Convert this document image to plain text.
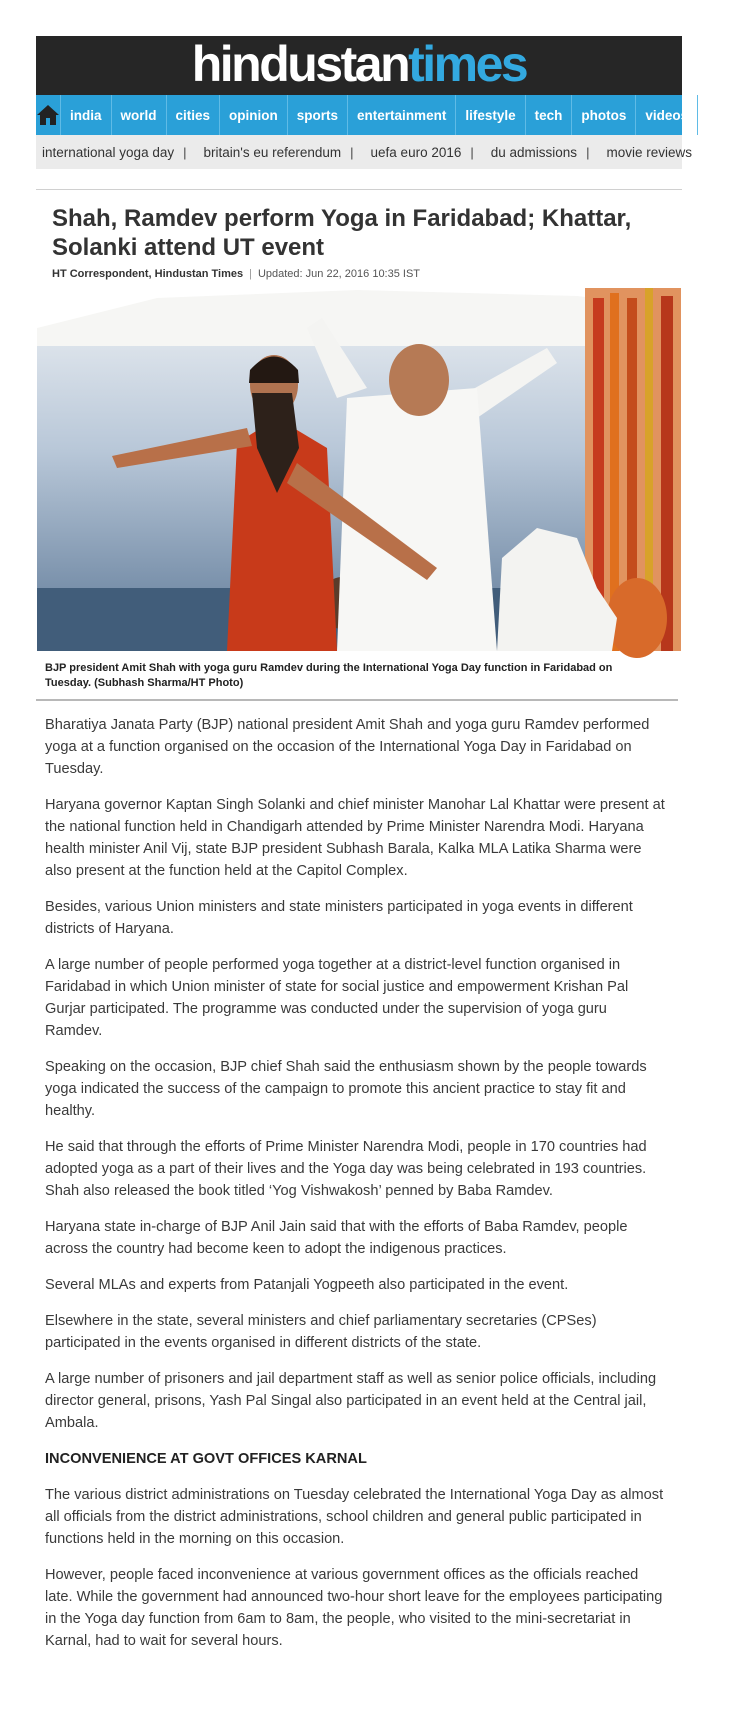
hindustantimes
india	world	cities	opinion	sports	entertainment	lifestyle	tech	photos	videos
international yoga day |	britain's eu referendum |	uefa euro 2016 |	du admissions |	movie reviews
Shah, Ramdev perform Yoga in Faridabad; Khattar, Solanki attend UT event
HT Correspondent, Hindustan Times | Updated: Jun 22, 2016 10:35 IST

BJP president Amit Shah with yoga guru Ramdev during the International Yoga Day function in Faridabad on Tuesday. (Subhash Sharma/HT Photo)

Bharatiya Janata Party (BJP) national president Amit Shah and yoga guru Ramdev performed yoga at a function organised on the occasion of the International Yoga Day in Faridabad on Tuesday.

Haryana governor Kaptan Singh Solanki and chief minister Manohar Lal Khattar were present at the national function held in Chandigarh attended by Prime Minister Narendra Modi. Haryana health minister Anil Vij, state BJP president Subhash Barala, Kalka MLA Latika Sharma were also present at the function held at the Capitol Complex.

Besides, various Union ministers and state ministers participated in yoga events in different districts of Haryana.

A large number of people performed yoga together at a district-level function organised in Faridabad in which Union minister of state for social justice and empowerment Krishan Pal Gurjar participated. The programme was conducted under the supervision of yoga guru Ramdev.

Speaking on the occasion, BJP chief Shah said the enthusiasm shown by the people towards yoga indicated the success of the campaign to promote this ancient practice to stay fit and healthy.

He said that through the efforts of Prime Minister Narendra Modi, people in 170 countries had adopted yoga as a part of their lives and the Yoga day was being celebrated in 193 countries. Shah also released the book titled ‘Yog Vishwakosh’ penned by Baba Ramdev.

Haryana state in-charge of BJP Anil Jain said that with the efforts of Baba Ramdev, people across the country had become keen to adopt the indigenous practices.

Several MLAs and experts from Patanjali Yogpeeth also participated in the event.

Elsewhere in the state, several ministers and chief parliamentary secretaries (CPSes) participated in the events organised in different districts of the state.

A large number of prisoners and jail department staff as well as senior police officials, including director general, prisons, Yash Pal Singal also participated in an event held at the Central jail, Ambala.

INCONVENIENCE AT GOVT OFFICES KARNAL

The various district administrations on Tuesday celebrated the International Yoga Day as almost all officials from the district administrations, school children and general public participated in functions held in the morning on this occasion.

However, people faced inconvenience at various government offices as the officials reached late. While the government had announced two-hour short leave for the employees participating in the Yoga day function from 6am to 8am, the people, who visited to the mini-secretariat in Karnal, had to wait for several hours.
